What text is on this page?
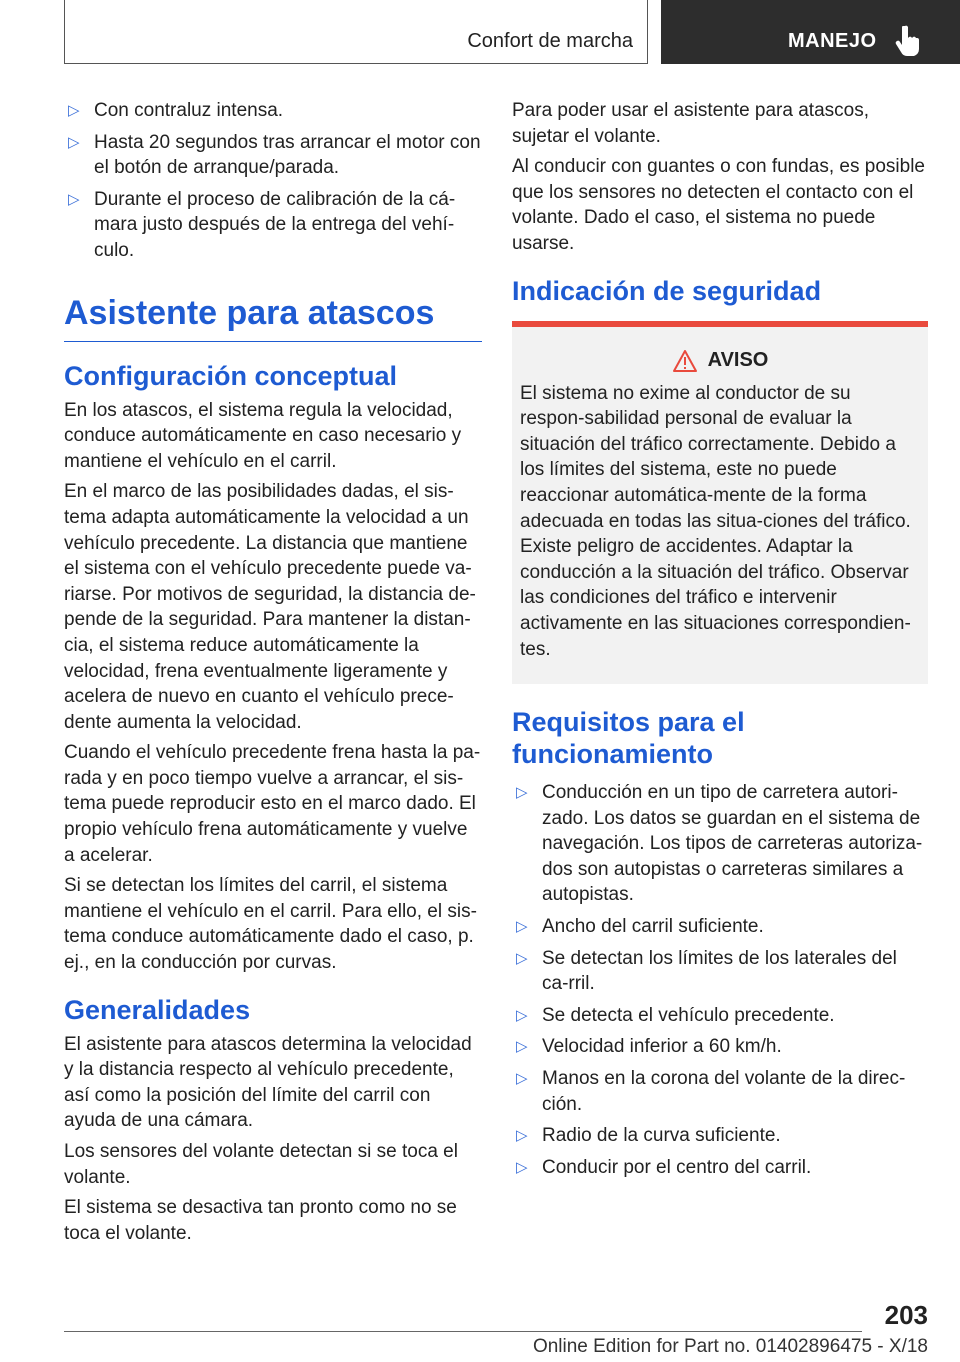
Confort de marcha	MANEJO
▷ Con contraluz intensa.
▷ Hasta 20 segundos tras arrancar el motor con el botón de arranque/parada.
▷ Durante el proceso de calibración de la cá-mara justo después de la entrega del vehí-culo.
Asistente para atascos
Configuración conceptual

En los atascos, el sistema regula la velocidad, conduce automáticamente en caso necesario y mantiene el vehículo en el carril.

En el marco de las posibilidades dadas, el sis-tema adapta automáticamente la velocidad a un vehículo precedente. La distancia que mantiene el sistema con el vehículo precedente puede va-riarse. Por motivos de seguridad, la distancia de-pende de la seguridad. Para mantener la distan-cia, el sistema reduce automáticamente la velocidad, frena eventualmente ligeramente y acelera de nuevo en cuanto el vehículo prece-dente aumenta la velocidad.

Cuando el vehículo precedente frena hasta la pa-rada y en poco tiempo vuelve a arrancar, el sis-tema puede reproducir esto en el marco dado. El propio vehículo frena automáticamente y vuelve a acelerar.

Si se detectan los límites del carril, el sistema mantiene el vehículo en el carril. Para ello, el sis-tema conduce automáticamente dado el caso, p. ej., en la conducción por curvas.

Generalidades

El asistente para atascos determina la velocidad y la distancia respecto al vehículo precedente, así como la posición del límite del carril con ayuda de una cámara.

Los sensores del volante detectan si se toca el volante.

El sistema se desactiva tan pronto como no se toca el volante.

Para poder usar el asistente para atascos, sujetar el volante.

Al conducir con guantes o con fundas, es posible que los sensores no detecten el contacto con el volante. Dado el caso, el sistema no puede usarse.

Indicación de seguridad
AVISO

El sistema no exime al conductor de su respon-sabilidad personal de evaluar la situación del tráfico correctamente. Debido a los límites del sistema, este no puede reaccionar automática-mente de la forma adecuada en todas las situa-ciones del tráfico. Existe peligro de accidentes. Adaptar la conducción a la situación del tráfico. Observar las condiciones del tráfico e intervenir activamente en las situaciones correspondien-tes.

Requisitos para el funcionamiento
▷ Conducción en un tipo de carretera autori-zado. Los datos se guardan en el sistema de navegación. Los tipos de carreteras autoriza-dos son autopistas o carreteras similares a autopistas.
▷ Ancho del carril suficiente.
▷ Se detectan los límites de los laterales del ca-rril.
▷ Se detecta el vehículo precedente.
▷ Velocidad inferior a 60 km/h.
▷ Manos en la corona del volante de la direc-ción.
▷ Radio de la curva suficiente.
▷ Conducir por el centro del carril.
203
Online Edition for Part no. 01402896475 - X/18
